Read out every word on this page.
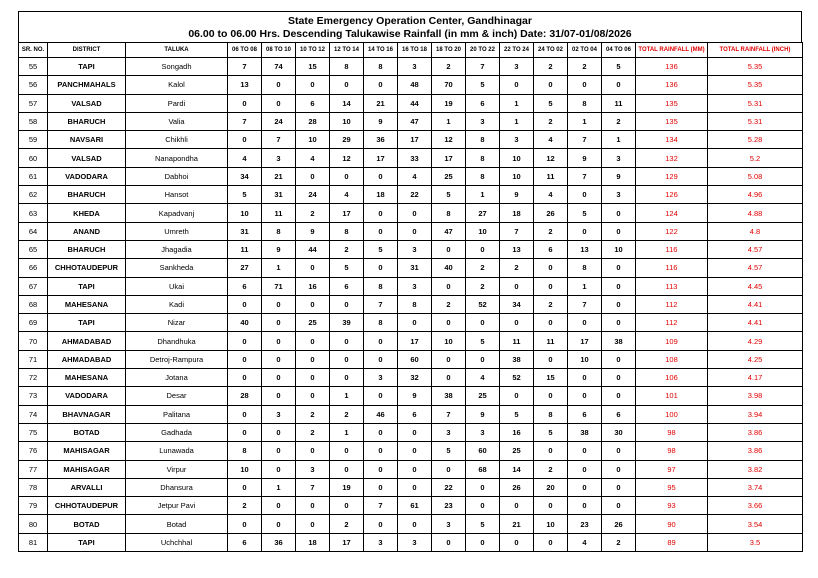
State Emergency Operation Center, Gandhinagar
06.00 to 06.00 Hrs. Descending Talukawise Rainfall (in mm & inch) Date: 31/07-01/08/2026
SR. NO.	DISTRICT	TALUKA	06 TO 08	08 TO 10	10 TO 12	12 TO 14	14 TO 16	16 TO 18	18 TO 20	20 TO 22	22 TO 24	24 TO 02	02 TO 04	04 TO 06	TOTAL RAINFALL (MM)	TOTAL RAINFALL (INCH)
55	TAPI	Songadh	7	74	15	8	8	3	2	7	3	2	2	5	136	5.35
56	PANCHMAHALS	Kalol	13	0	0	0	0	48	70	5	0	0	0	0	136	5.35
57	VALSAD	Pardi	0	0	6	14	21	44	19	6	1	5	8	11	135	5.31
58	BHARUCH	Valia	7	24	28	10	9	47	1	3	1	2	1	2	135	5.31
59	NAVSARI	Chikhli	0	7	10	29	36	17	12	8	3	4	7	1	134	5.28
60	VALSAD	Nanapondha	4	3	4	12	17	33	17	8	10	12	9	3	132	5.2
61	VADODARA	Dabhoi	34	21	0	0	0	4	25	8	10	11	7	9	129	5.08
62	BHARUCH	Hansot	5	31	24	4	18	22	5	1	9	4	0	3	126	4.96
63	KHEDA	Kapadvanj	10	11	2	17	0	0	8	27	18	26	5	0	124	4.88
64	ANAND	Umreth	31	8	9	8	0	0	47	10	7	2	0	0	122	4.8
65	BHARUCH	Jhagadia	11	9	44	2	5	3	0	0	13	6	13	10	116	4.57
66	CHHOTAUDEPUR	Sankheda	27	1	0	5	0	31	40	2	2	0	8	0	116	4.57
67	TAPI	Ukai	6	71	16	6	8	3	0	2	0	0	1	0	113	4.45
68	MAHESANA	Kadi	0	0	0	0	7	8	2	52	34	2	7	0	112	4.41
69	TAPI	Nizar	40	0	25	39	8	0	0	0	0	0	0	0	112	4.41
70	AHMADABAD	Dhandhuka	0	0	0	0	0	17	10	5	11	11	17	38	109	4.29
71	AHMADABAD	Detroj-Rampura	0	0	0	0	0	60	0	0	38	0	10	0	108	4.25
72	MAHESANA	Jotana	0	0	0	0	3	32	0	4	52	15	0	0	106	4.17
73	VADODARA	Desar	28	0	0	1	0	9	38	25	0	0	0	0	101	3.98
74	BHAVNAGAR	Palitana	0	3	2	2	46	6	7	9	5	8	6	6	100	3.94
75	BOTAD	Gadhada	0	0	2	1	0	0	3	3	16	5	38	30	98	3.86
76	MAHISAGAR	Lunawada	8	0	0	0	0	0	5	60	25	0	0	0	98	3.86
77	MAHISAGAR	Virpur	10	0	3	0	0	0	0	68	14	2	0	0	97	3.82
78	ARVALLI	Dhansura	0	1	7	19	0	0	22	0	26	20	0	0	95	3.74
79	CHHOTAUDEPUR	Jetpur Pavi	2	0	0	0	7	61	23	0	0	0	0	0	93	3.66
80	BOTAD	Botad	0	0	0	2	0	0	3	5	21	10	23	26	90	3.54
81	TAPI	Uchchhal	6	36	18	17	3	3	0	0	0	0	4	2	89	3.5
